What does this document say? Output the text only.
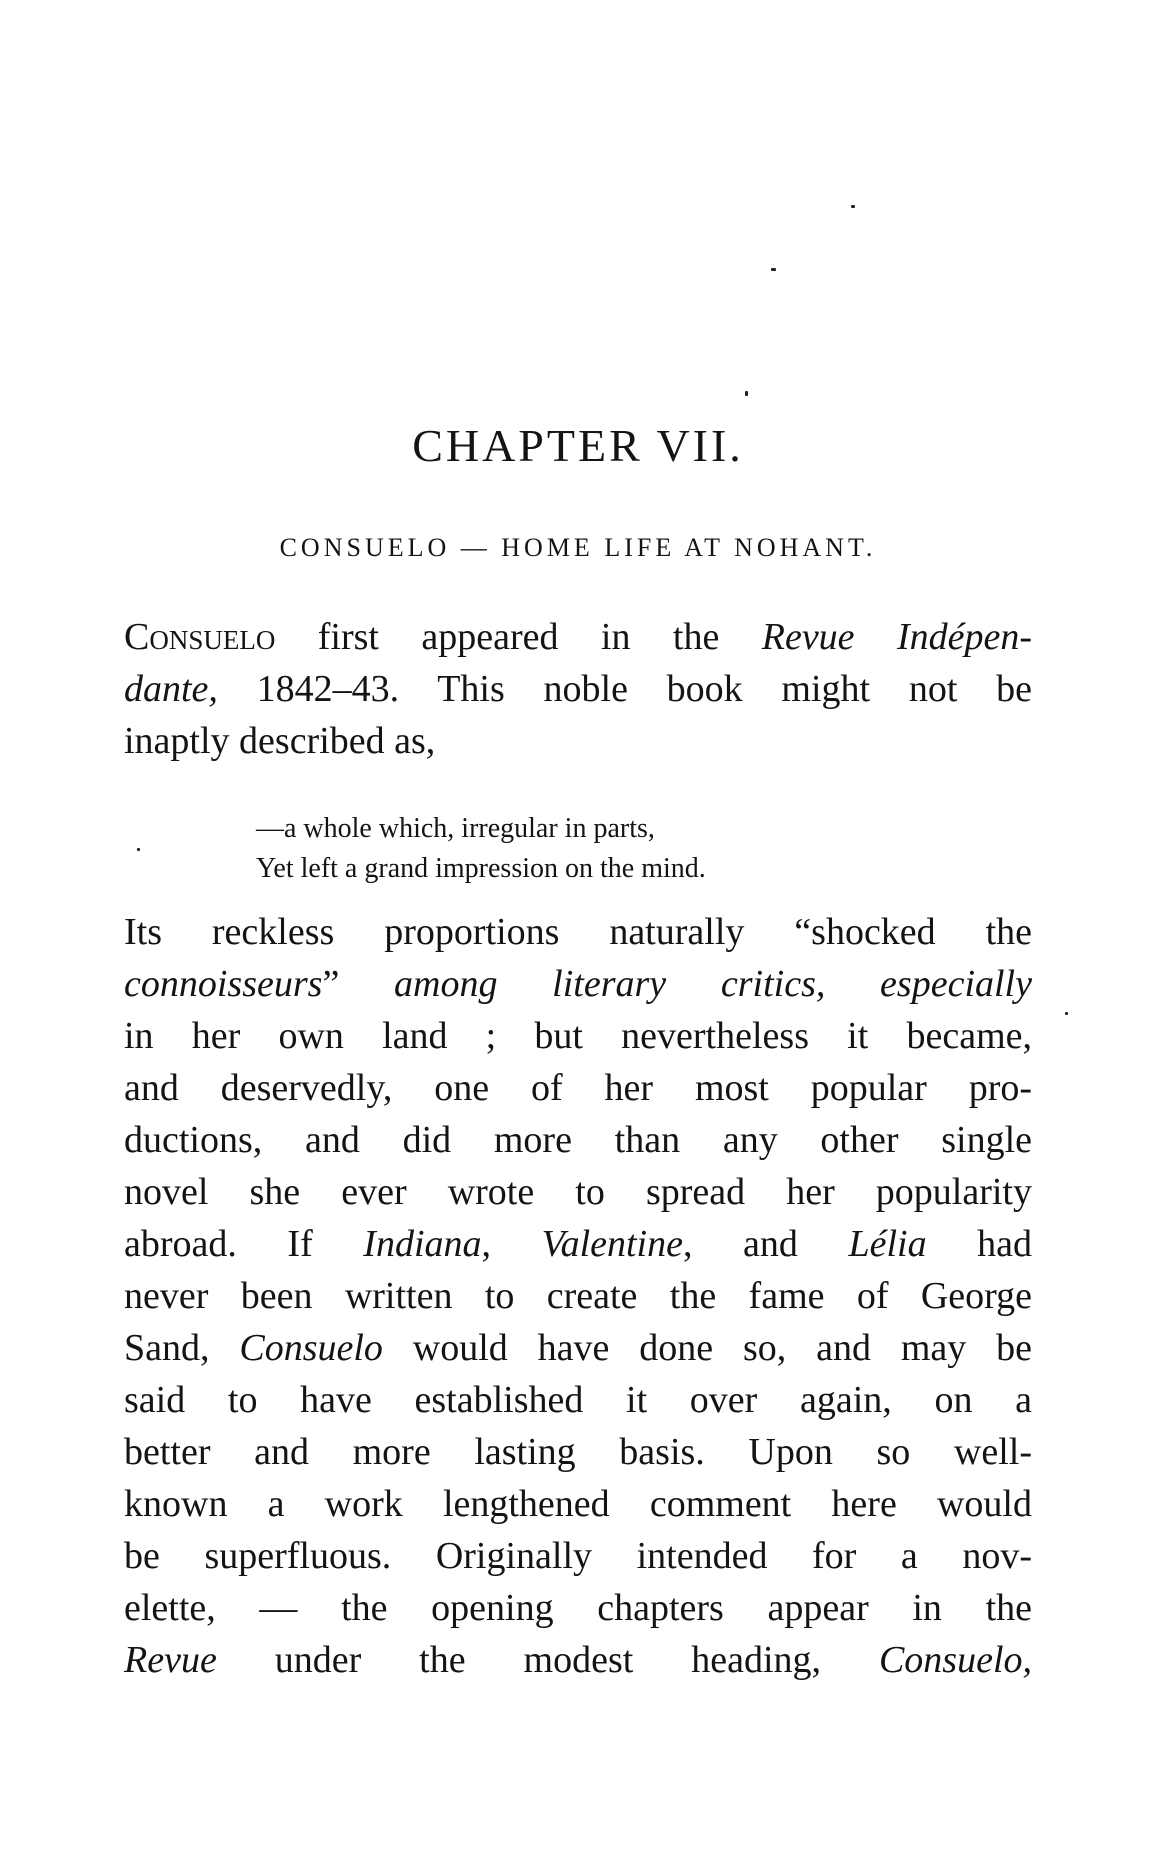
CHAPTER VII.
CONSUELO — HOME LIFE AT NOHANT.

Consuelo first appeared in the Revue Indépen-
dante, 1842–43. This noble book might not be
inaptly described as,

—a whole which, irregular in parts,
Yet left a grand impression on the mind.

Its reckless proportions naturally “shocked the
connoisseurs” among literary critics, especially
in her own land ; but nevertheless it became,
and deservedly, one of her most popular pro-
ductions, and did more than any other single
novel she ever wrote to spread her popularity
abroad. If Indiana, Valentine, and Lélia had
never been written to create the fame of George
Sand, Consuelo would have done so, and may be
said to have established it over again, on a
better and more lasting basis. Upon so well-
known a work lengthened comment here would
be superfluous. Originally intended for a nov-
elette, — the opening chapters appear in the
Revue under the modest heading, Consuelo,
